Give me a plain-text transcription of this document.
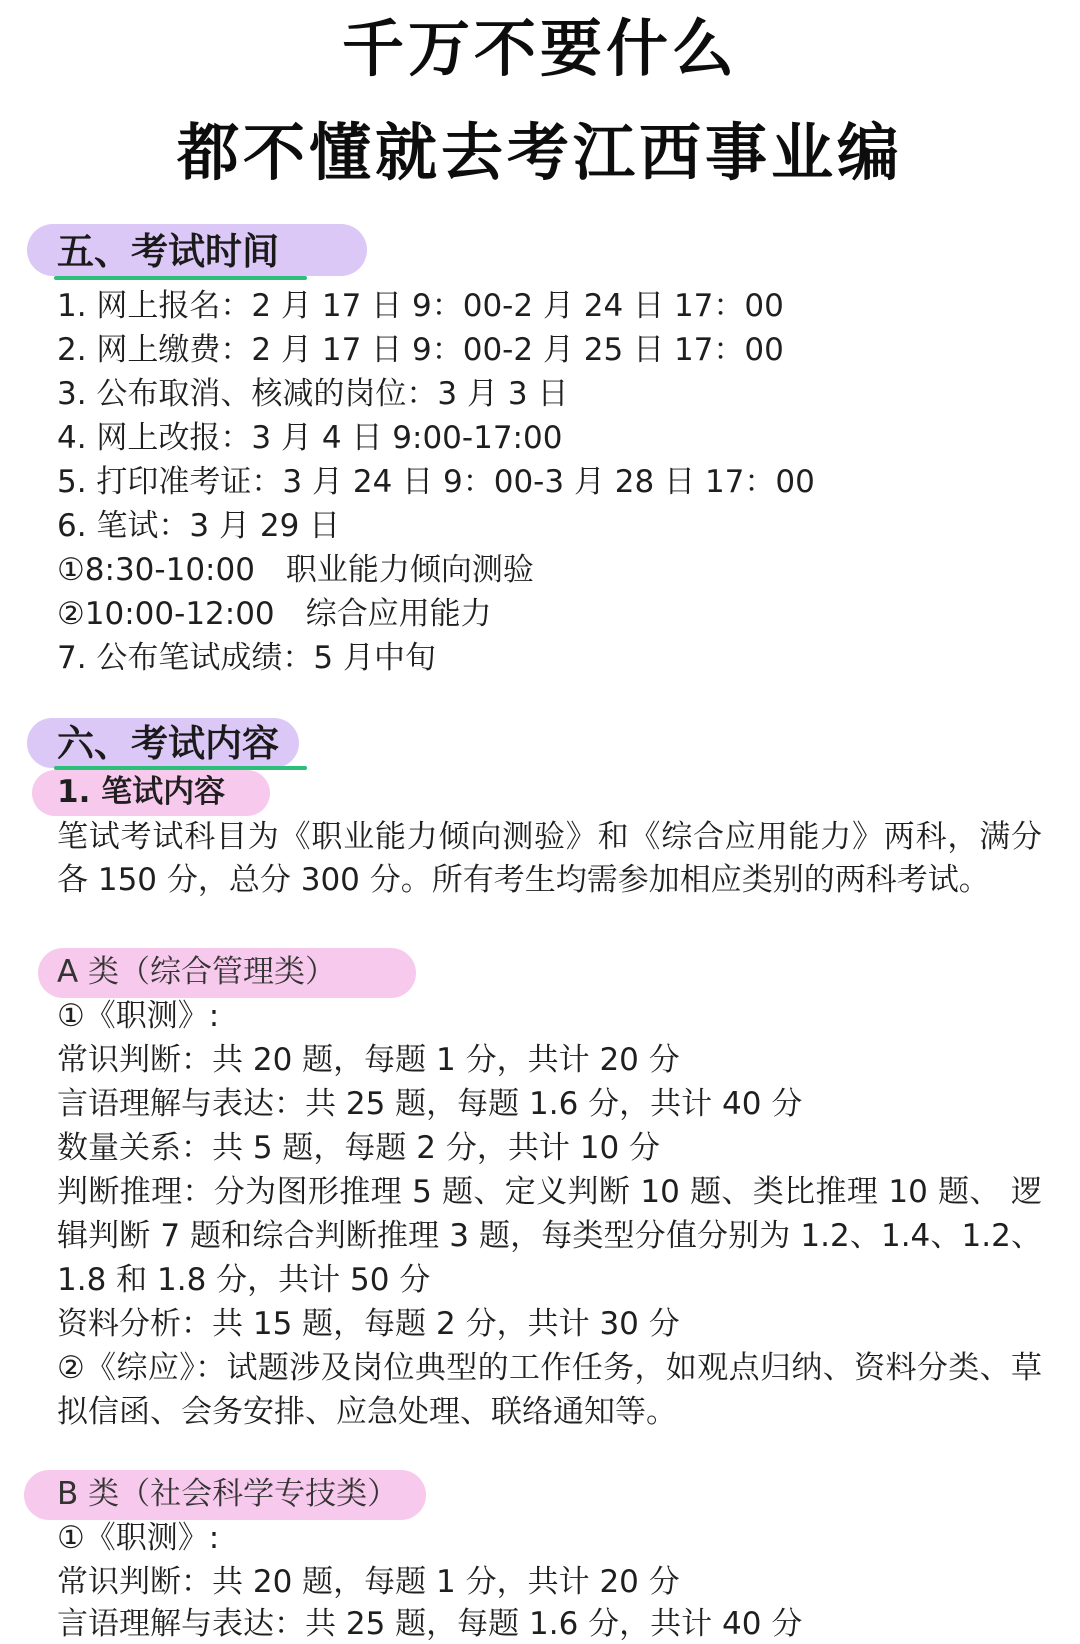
千万不要什么
都不懂就去考江西事业编
五、考试时间
1. 网上报名：2 月 17 日 9：00-2 月 24 日 17：00
2. 网上缴费：2 月 17 日 9：00-2 月 25 日 17：00
3. 公布取消、核减的岗位：3 月 3 日
4. 网上改报：3 月 4 日 9:00-17:00
5. 打印准考证：3 月 24 日 9：00-3 月 28 日 17：00
6. 笔试：3 月 29 日
①8:30-10:00　职业能力倾向测验
②10:00-12:00　综合应用能力
7. 公布笔试成绩：5 月中旬
六、考试内容
1. 笔试内容
笔试考试科目为《职业能力倾向测验》和《综合应用能力》两科，满分各 150 分，总分 300 分。所有考生均需参加相应类别的两科考试。
A 类（综合管理类）
①《职测》:
常识判断：共 20 题，每题 1 分，共计 20 分
言语理解与表达：共 25 题，每题 1.6 分，共计 40 分
数量关系：共 5 题，每题 2 分，共计 10 分
判断推理：分为图形推理 5 题、定义判断 10 题、类比推理 10 题、 逻辑判断 7 题和综合判断推理 3 题，每类型分值分别为 1.2、1.4、1.2、1.8 和 1.8 分，共计 50 分
资料分析：共 15 题，每题 2 分，共计 30 分
②《综应》：试题涉及岗位典型的工作任务，如观点归纳、资料分类、草拟信函、会务安排、应急处理、联络通知等。
B 类（社会科学专技类）
①《职测》:
常识判断：共 20 题，每题 1 分，共计 20 分
言语理解与表达：共 25 题，每题 1.6 分，共计 40 分
